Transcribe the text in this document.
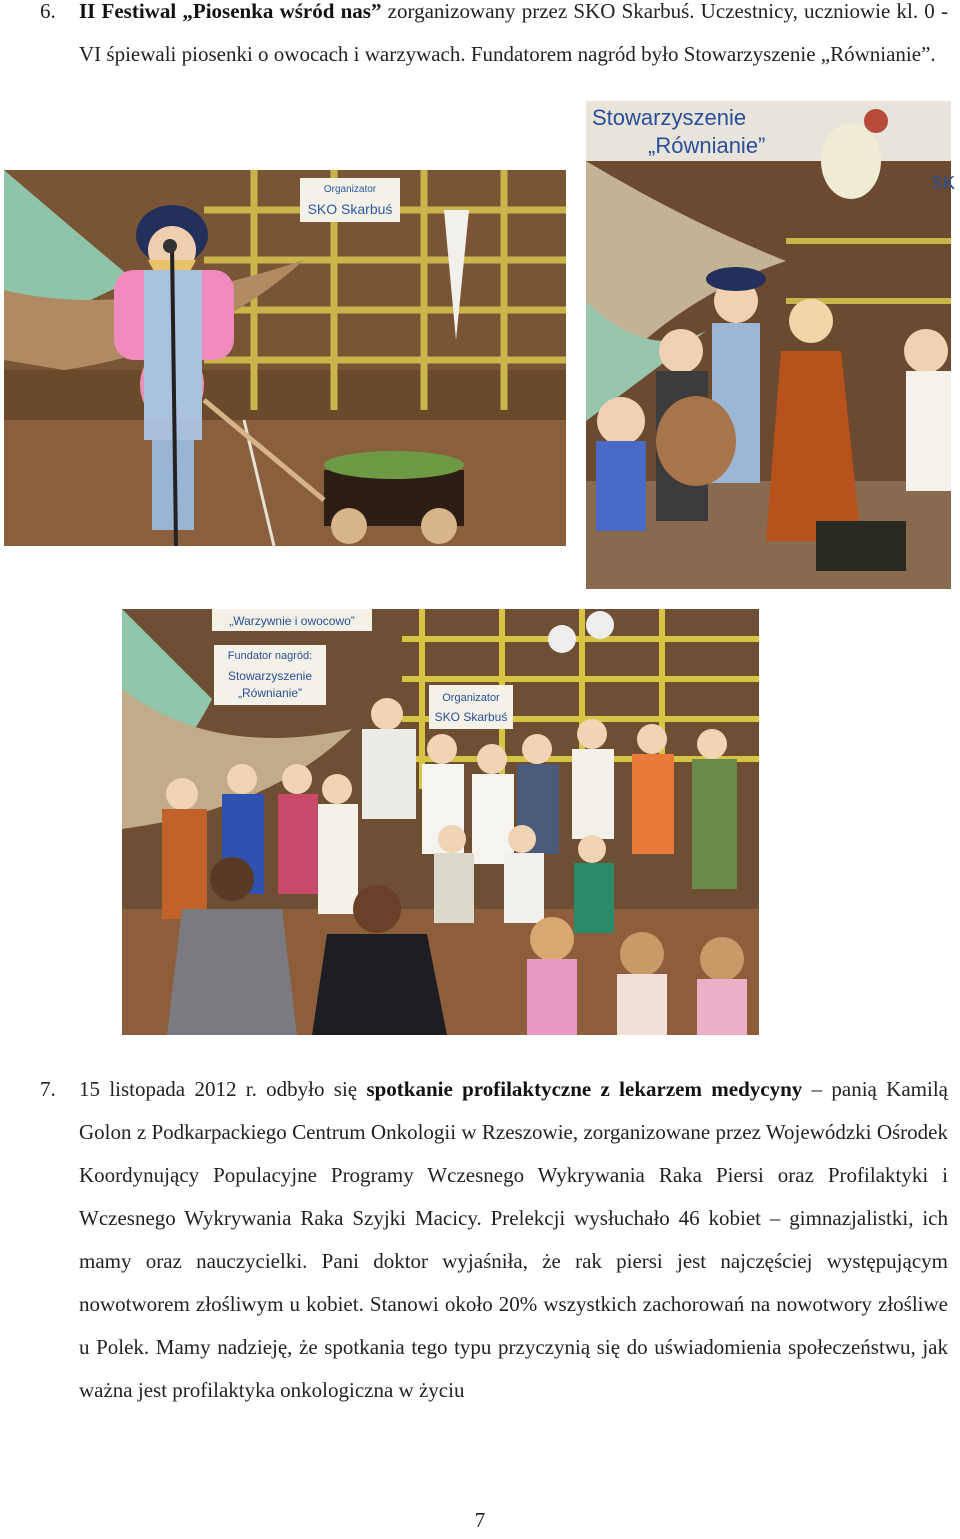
6. II Festiwal „Piosenka wśród nas” zorganizowany przez SKO Skarbuś. Uczestnicy, uczniowie kl. 0 - VI śpiewali piosenki o owocach i warzywach. Fundatorem nagród było Stowarzyszenie „Równianie”.
Organizator
SKO Skarbuś
Stowarzyszenie
„Równianie”
SK
„Warzywnie i owocowo”
Fundator nagród:
Stowarzyszenie
„Równianie”	Organizator
SKO Skarbuś
7. 15 listopada 2012 r. odbyło się spotkanie profilaktyczne z lekarzem medycyny – panią Kamilą Golon z Podkarpackiego Centrum Onkologii w Rzeszowie, zorganizowane przez Wojewódzki Ośrodek Koordynujący Populacyjne Programy Wczesnego Wykrywania Raka Piersi oraz Profilaktyki i Wczesnego Wykrywania Raka Szyjki Macicy. Prelekcji wysłuchało 46 kobiet – gimnazjalistki, ich mamy oraz nauczycielki. Pani doktor wyjaśniła, że rak piersi jest najczęściej występującym nowotworem złośliwym u kobiet. Stanowi około 20% wszystkich zachorowań na nowotwory złośliwe u Polek. Mamy nadzieję, że spotkania tego typu przyczynią się do uświadomienia społeczeństwu, jak ważna jest profilaktyka onkologiczna w życiu
7
